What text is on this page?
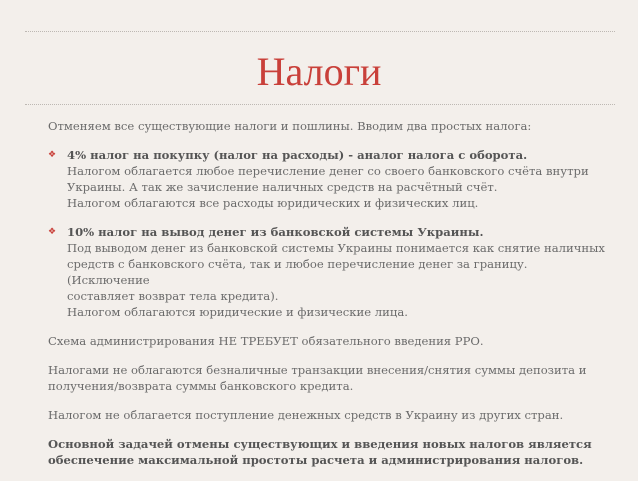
Налоги

Отменяем все существующие налоги и пошлины. Вводим два простых налога:

❖ 4% налог на покупку (налог на расходы) - аналог налога с оборота.
Налогом облагается любое перечисление денег со своего банковского счёта внутри
Украины. А так же зачисление наличных средств на расчётный счёт.
Налогом облагаются все расходы юридических и физических лиц.
❖ 10% налог на вывод денег из банковской системы Украины.
Под выводом денег из банковской системы Украины понимается как снятие наличных
средств с банковского счёта, так и любое перечисление денег за границу. (Исключение
составляет возврат тела кредита).
Налогом облагаются юридические и физические лица.

Схема администрирования НЕ ТРЕБУЕТ обязательного введения РРО.

Налогами не облагаются безналичные транзакции внесения/снятия суммы депозита и
получения/возврата суммы банковского кредита.

Налогом не облагается поступление денежных средств в Украину из других стран.

Основной задачей отмены существующих и введения новых налогов является
обеспечение максимальной простоты расчета и администрирования налогов.
